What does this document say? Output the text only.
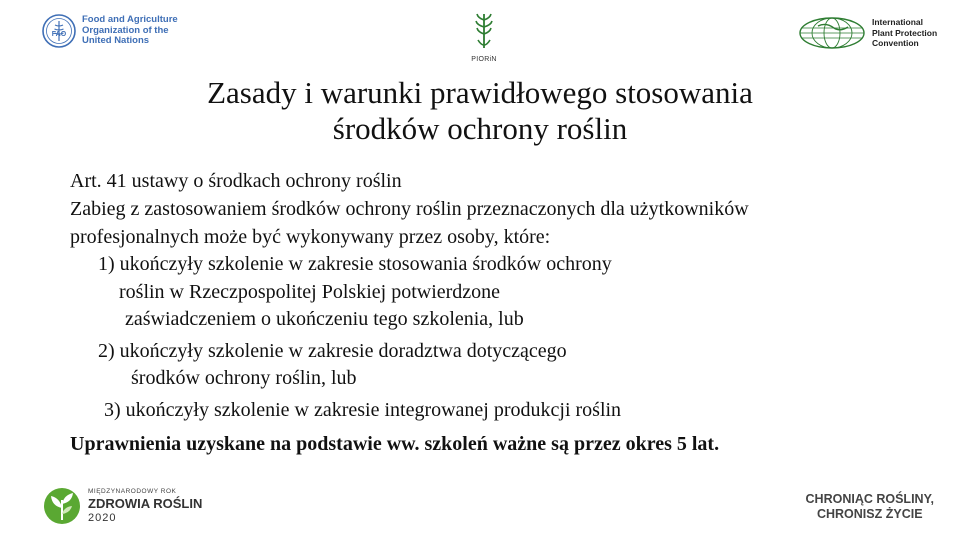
FAO
Food and Agriculture
Organization of the
United Nations
PIORiN
International
Plant Protection
Convention
Zasady i warunki prawidłowego stosowania
środków ochrony roślin
Art. 41 ustawy o środkach ochrony roślin
Zabieg z zastosowaniem środków ochrony roślin przeznaczonych dla użytkowników
profesjonalnych może być wykonywany przez osoby, które:
1) ukończyły szkolenie w zakresie stosowania środków ochrony
roślin w Rzeczpospolitej Polskiej potwierdzone
zaświadczeniem o ukończeniu tego szkolenia, lub
2) ukończyły szkolenie w zakresie doradztwa dotyczącego
środków ochrony roślin, lub
3) ukończyły szkolenie w zakresie integrowanej produkcji roślin
Uprawnienia uzyskane na podstawie ww. szkoleń ważne są przez okres 5 lat.
MIĘDZYNARODOWY ROK
ZDROWIA ROŚLIN
2020
CHRONIĄC ROŚLINY,
CHRONISZ ŻYCIE
